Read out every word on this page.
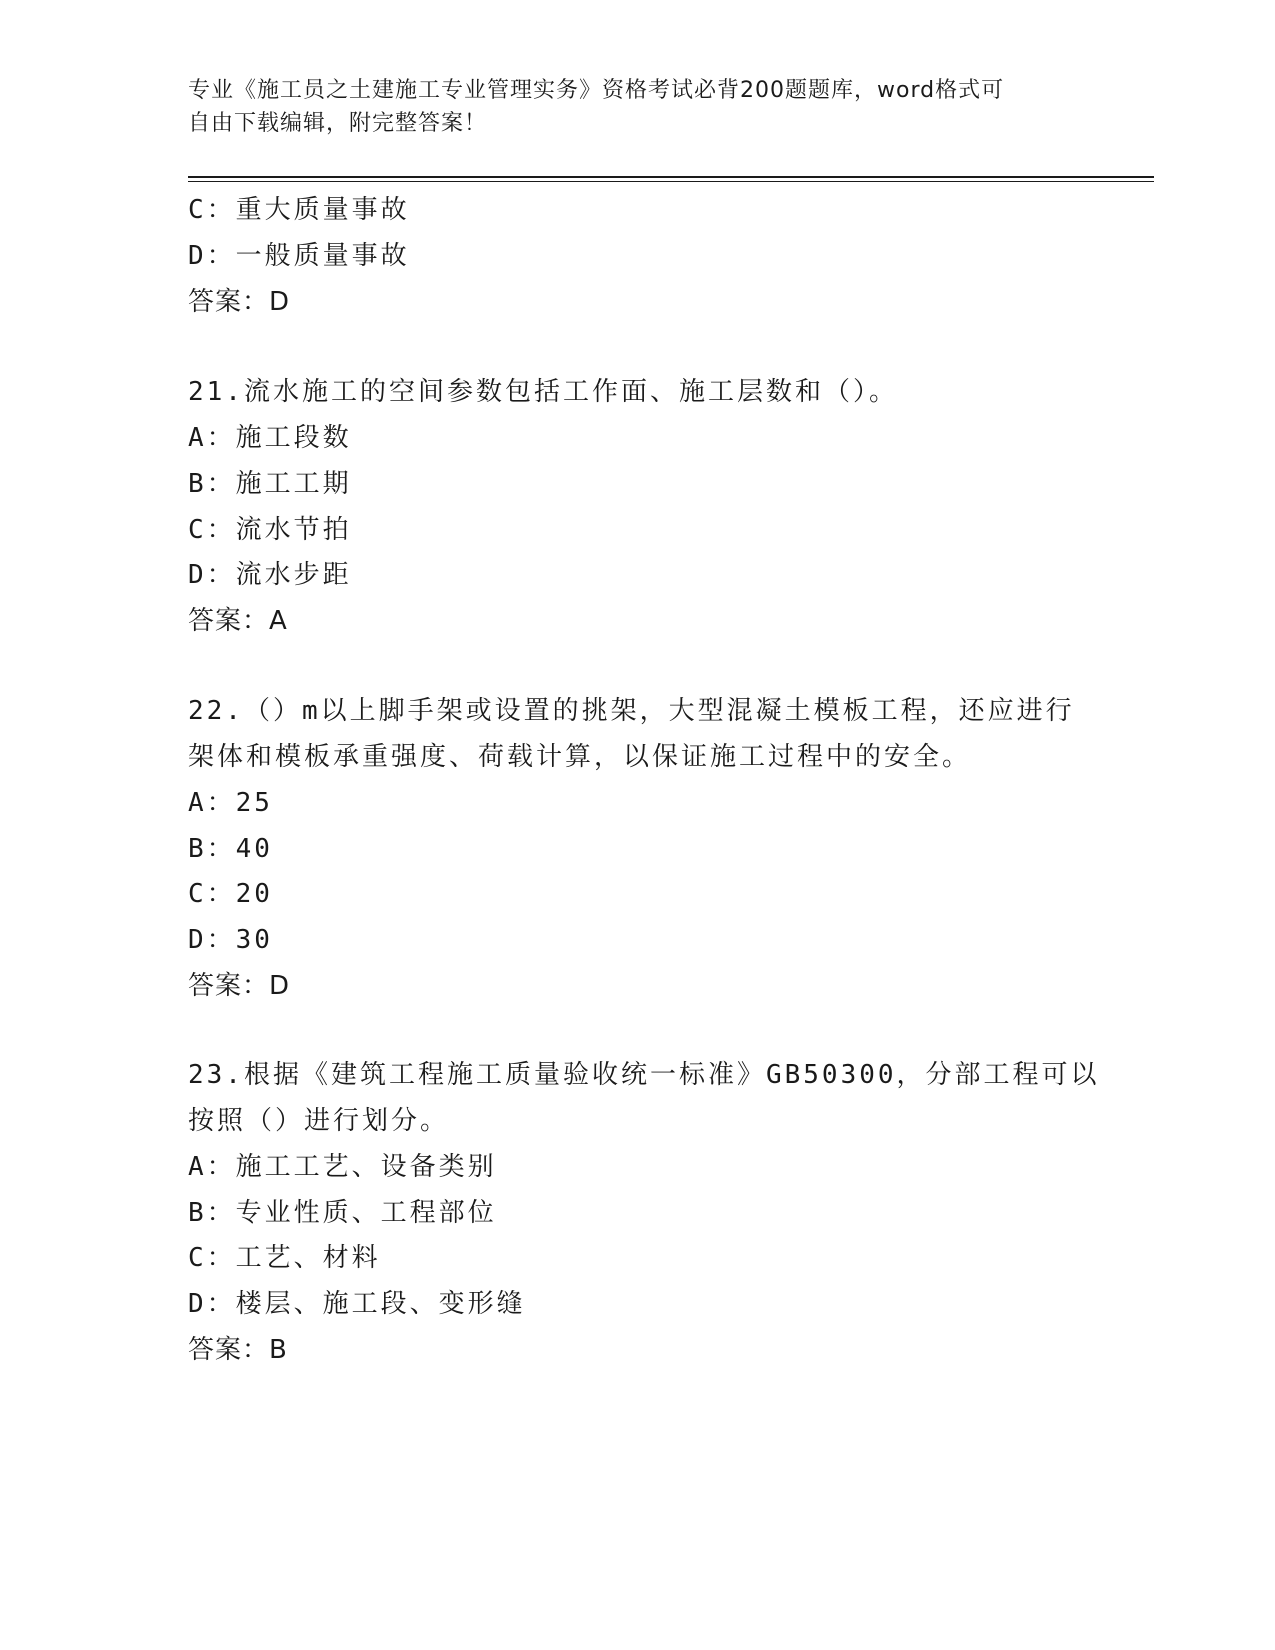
专业《施工员之土建施工专业管理实务》资格考试必背200题题库，word格式可
自由下载编辑，附完整答案！
C：重大质量事故
D：一般质量事故
答案：D
21.流水施工的空间参数包括工作面、施工层数和（）。
A：施工段数
B：施工工期
C：流水节拍
D：流水步距
答案：A
22.（）m以上脚手架或设置的挑架，大型混凝土模板工程，还应进行
架体和模板承重强度、荷载计算，以保证施工过程中的安全。
A：25
B：40
C：20
D：30
答案：D
23.根据《建筑工程施工质量验收统一标准》GB50300，分部工程可以
按照（）进行划分。
A：施工工艺、设备类别
B：专业性质、工程部位
C：工艺、材料
D：楼层、施工段、变形缝
答案：B
